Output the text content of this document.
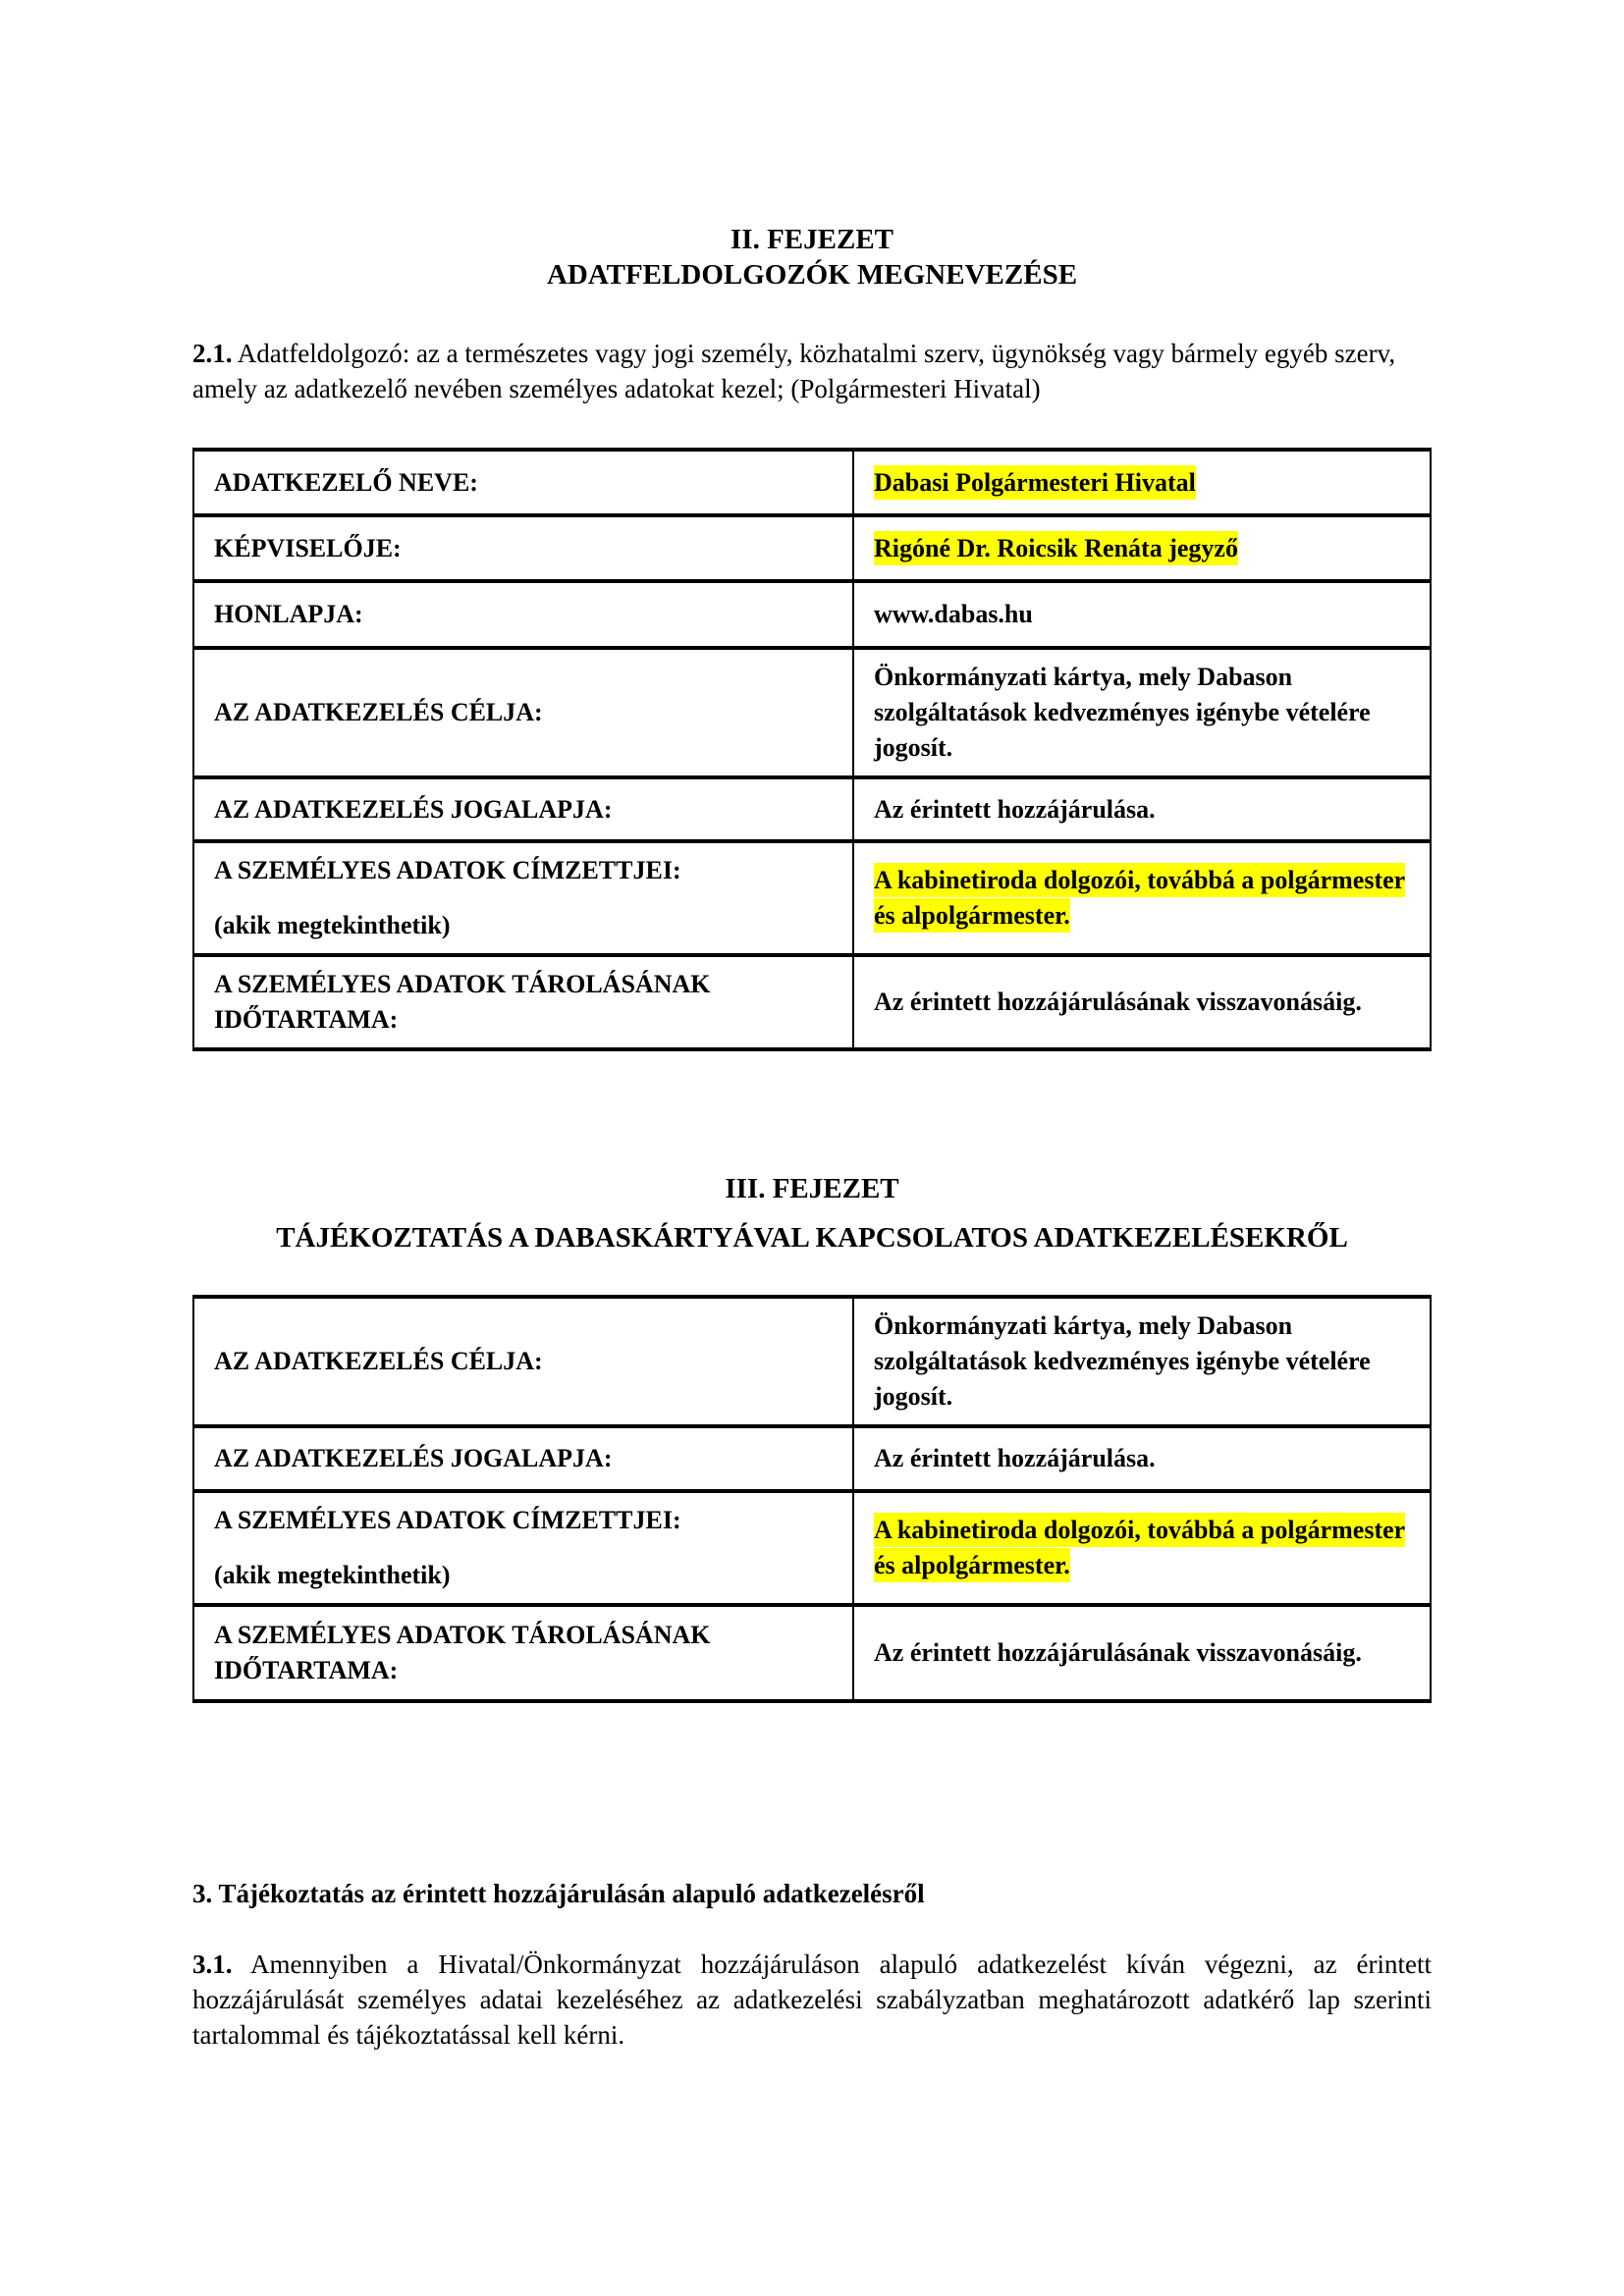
II. FEJEZET
ADATFELDOLGOZÓK MEGNEVEZÉSE

2.1. Adatfeldolgozó: az a természetes vagy jogi személy, közhatalmi szerv, ügynökség vagy bármely egyéb szerv, amely az adatkezelő nevében személyes adatokat kezel; (Polgármesteri Hivatal)

ADATKEZELŐ NEVE:	Dabasi Polgármesteri Hivatal
KÉPVISELŐJE:	Rigóné Dr. Roicsik Renáta jegyző
HONLAPJA:	www.dabas.hu
AZ ADATKEZELÉS CÉLJA:	Önkormányzati kártya, mely Dabason szolgáltatások kedvezményes igénybe vételére jogosít.
AZ ADATKEZELÉS JOGALAPJA:	Az érintett hozzájárulása.

A SZEMÉLYES ADATOK CÍMZETTJEI:
(akik megtekinthetik)	A kabinetiroda dolgozói, továbbá a polgármester és alpolgármester.
A SZEMÉLYES ADATOK TÁROLÁSÁNAK IDŐTARTAMA:	Az érintett hozzájárulásának visszavonásáig.
III. FEJEZET
TÁJÉKOZTATÁS A DABASKÁRTYÁVAL KAPCSOLATOS ADATKEZELÉSEKRŐL
AZ ADATKEZELÉS CÉLJA:	Önkormányzati kártya, mely Dabason szolgáltatások kedvezményes igénybe vételére jogosít.
AZ ADATKEZELÉS JOGALAPJA:	Az érintett hozzájárulása.

A SZEMÉLYES ADATOK CÍMZETTJEI:
(akik megtekinthetik)	A kabinetiroda dolgozói, továbbá a polgármester és alpolgármester.
A SZEMÉLYES ADATOK TÁROLÁSÁNAK IDŐTARTAMA:	Az érintett hozzájárulásának visszavonásáig.
3. Tájékoztatás az érintett hozzájárulásán alapuló adatkezelésről

3.1. Amennyiben a Hivatal/Önkormányzat hozzájáruláson alapuló adatkezelést kíván végezni, az érintett hozzájárulását személyes adatai kezeléséhez az adatkezelési szabályzatban meghatározott adatkérő lap szerinti tartalommal és tájékoztatással kell kérni.
